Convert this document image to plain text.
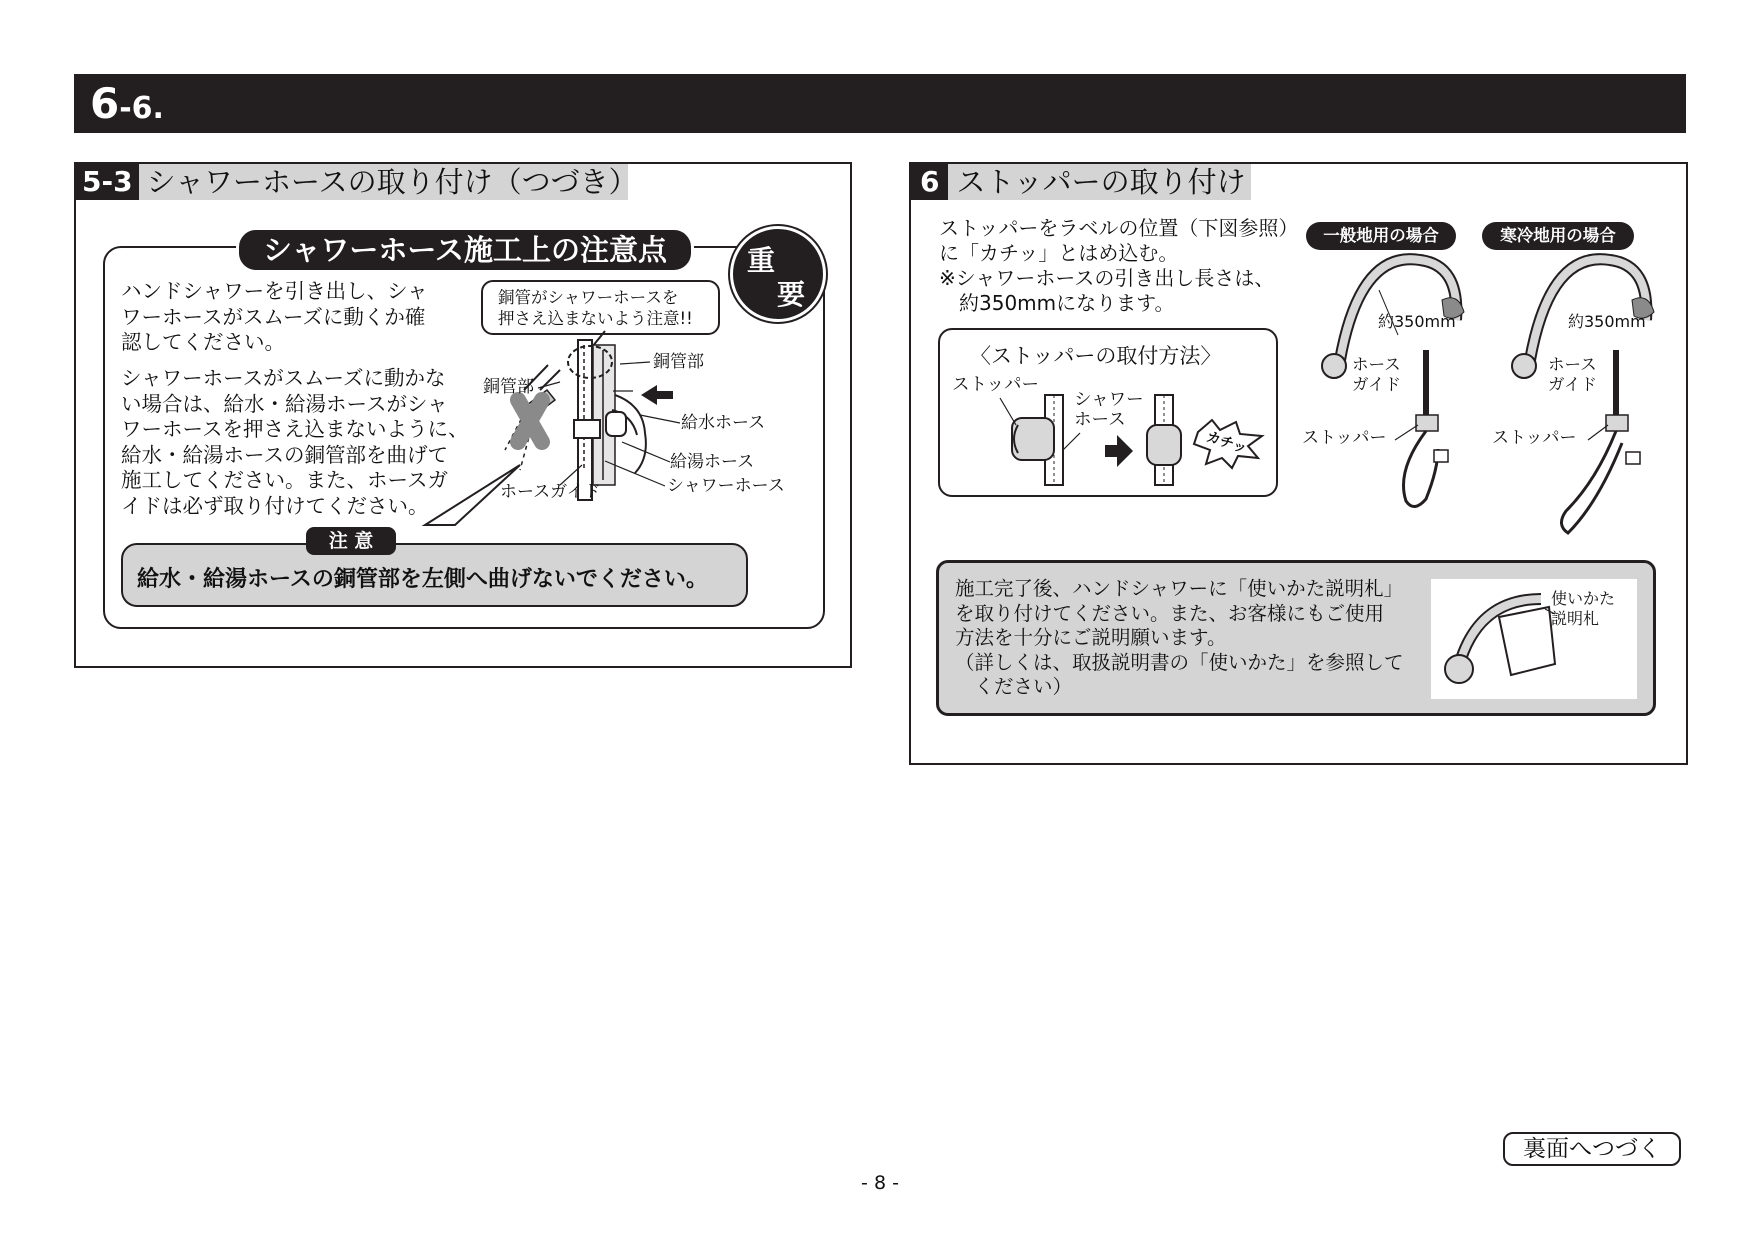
6-6.
5-3 シャワーホースの取り付け（つづき）
シャワーホース施工上の注意点	重
要
ハンドシャワーを引き出し、シャ
ワーホースがスムーズに動くか確
認してください。
シャワーホースがスムーズに動かな
い場合は、給水・給湯ホースがシャ
ワーホースを押さえ込まないように、
給水・給湯ホースの銅管部を曲げて
施工してください。また、ホースガ
イドは必ず取り付けてください。
銅管がシャワーホースを
押さえ込まないよう注意!!
銅管部
銅管部
給水ホース
給湯ホース
シャワーホース
ホースガイド
給水・給湯ホースの銅管部を左側へ曲げないでください。
注 意
6 ストッパーの取り付け
ストッパーをラベルの位置（下図参照）
に「カチッ」とはめ込む。
※シャワーホースの引き出し長さは、
　約350mmになります。
〈ストッパーの取付方法〉
ストッパー
シャワー
ホース
カチッ
一般地用の場合	寒冷地用の場合
約350mm
ホース
ガイド
ストッパー
約350mm
ホース
ガイド
ストッパー
施工完了後、ハンドシャワーに「使いかた説明札」
を取り付けてください。また、お客様にもご使用
方法を十分にご説明願います。
（詳しくは、取扱説明書の「使いかた」を参照して
　ください）
使いかた
説明札
裏面へつづく
- 8 -
